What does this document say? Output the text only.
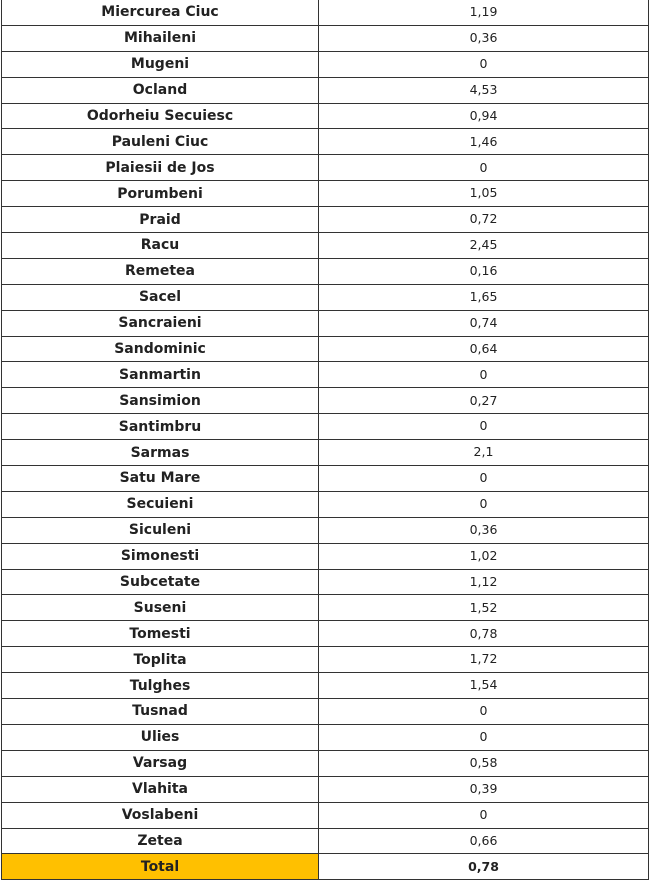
Miercurea Ciuc	1,19
Mihaileni	0,36
Mugeni	0
Ocland	4,53
Odorheiu Secuiesc	0,94
Pauleni Ciuc	1,46
Plaiesii de Jos	0
Porumbeni	1,05
Praid	0,72
Racu	2,45
Remetea	0,16
Sacel	1,65
Sancraieni	0,74
Sandominic	0,64
Sanmartin	0
Sansimion	0,27
Santimbru	0
Sarmas	2,1
Satu Mare	0
Secuieni	0
Siculeni	0,36
Simonesti	1,02
Subcetate	1,12
Suseni	1,52
Tomesti	0,78
Toplita	1,72
Tulghes	1,54
Tusnad	0
Ulies	0
Varsag	0,58
Vlahita	0,39
Voslabeni	0
Zetea	0,66
Total	0,78
